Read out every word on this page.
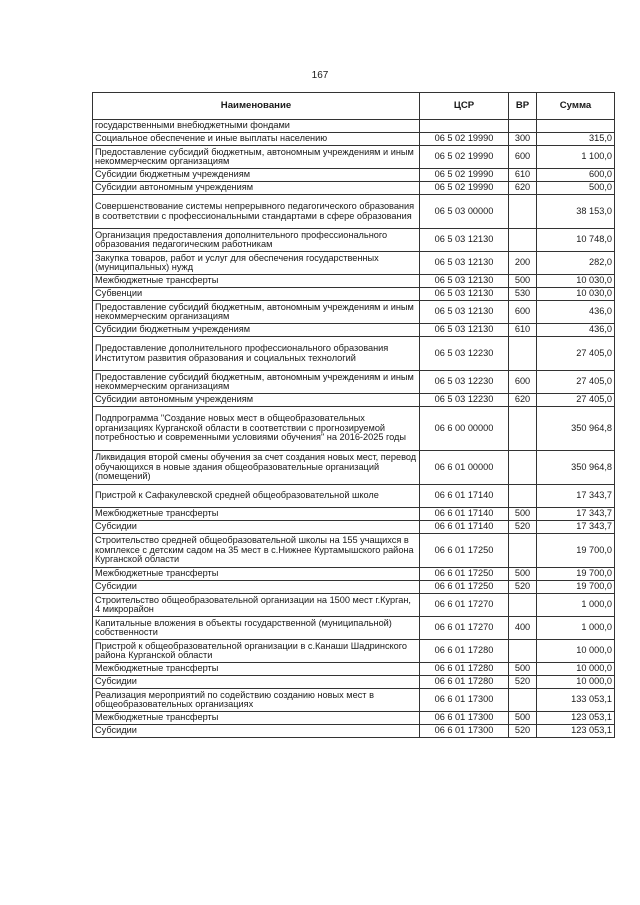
167
Наименование	ЦСР	ВР	Сумма
государственными внебюджетными фондами			
Социальное обеспечение и иные выплаты населению	06 5 02 19990	300	315,0
Предоставление субсидий бюджетным, автономным учреждениям и иным некоммерческим организациям	06 5 02 19990	600	1 100,0
Субсидии бюджетным учреждениям	06 5 02 19990	610	600,0
Субсидии автономным учреждениям	06 5 02 19990	620	500,0
Совершенствование системы непрерывного педагогического образования в соответствии с профессиональными стандартами в сфере образования	06 5 03 00000		38 153,0
Организация предоставления дополнительного профессионального образования педагогическим работникам	06 5 03 12130		10 748,0
Закупка товаров, работ и услуг для обеспечения государственных (муниципальных) нужд	06 5 03 12130	200	282,0
Межбюджетные трансферты	06 5 03 12130	500	10 030,0
Субвенции	06 5 03 12130	530	10 030,0
Предоставление субсидий бюджетным, автономным учреждениям и иным некоммерческим организациям	06 5 03 12130	600	436,0
Субсидии бюджетным учреждениям	06 5 03 12130	610	436,0
Предоставление дополнительного профессионального образования Институтом развития образования и социальных технологий	06 5 03 12230		27 405,0
Предоставление субсидий бюджетным, автономным учреждениям и иным некоммерческим организациям	06 5 03 12230	600	27 405,0
Субсидии автономным учреждениям	06 5 03 12230	620	27 405,0
Подпрограмма "Создание новых мест в общеобразовательных организациях Курганской области в соответствии с прогнозируемой потребностью и современными условиями обучения" на 2016-2025 годы	06 6 00 00000		350 964,8
Ликвидация второй смены обучения за счет создания новых мест, перевод обучающихся в новые здания общеобразовательные организаций (помещений)	06 6 01 00000		350 964,8
Пристрой к Сафакулевской средней общеобразовательной школе	06 6 01 17140		17 343,7
Межбюджетные трансферты	06 6 01 17140	500	17 343,7
Субсидии	06 6 01 17140	520	17 343,7
Строительство средней общеобразовательной школы на 155 учащихся в комплексе с детским садом на 35 мест в с.Нижнее Куртамышского района Курганской области	06 6 01 17250		19 700,0
Межбюджетные трансферты	06 6 01 17250	500	19 700,0
Субсидии	06 6 01 17250	520	19 700,0
Строительство общеобразовательной организации на 1500 мест г.Курган, 4 микрорайон	06 6 01 17270		1 000,0
Капитальные вложения в объекты государственной (муниципальной) собственности	06 6 01 17270	400	1 000,0
Пристрой к общеобразовательной организации в с.Канаши Шадринского района Курганской области	06 6 01 17280		10 000,0
Межбюджетные трансферты	06 6 01 17280	500	10 000,0
Субсидии	06 6 01 17280	520	10 000,0
Реализация мероприятий по содействию созданию новых мест в общеобразовательных организациях	06 6 01 17300		133 053,1
Межбюджетные трансферты	06 6 01 17300	500	123 053,1
Субсидии	06 6 01 17300	520	123 053,1
